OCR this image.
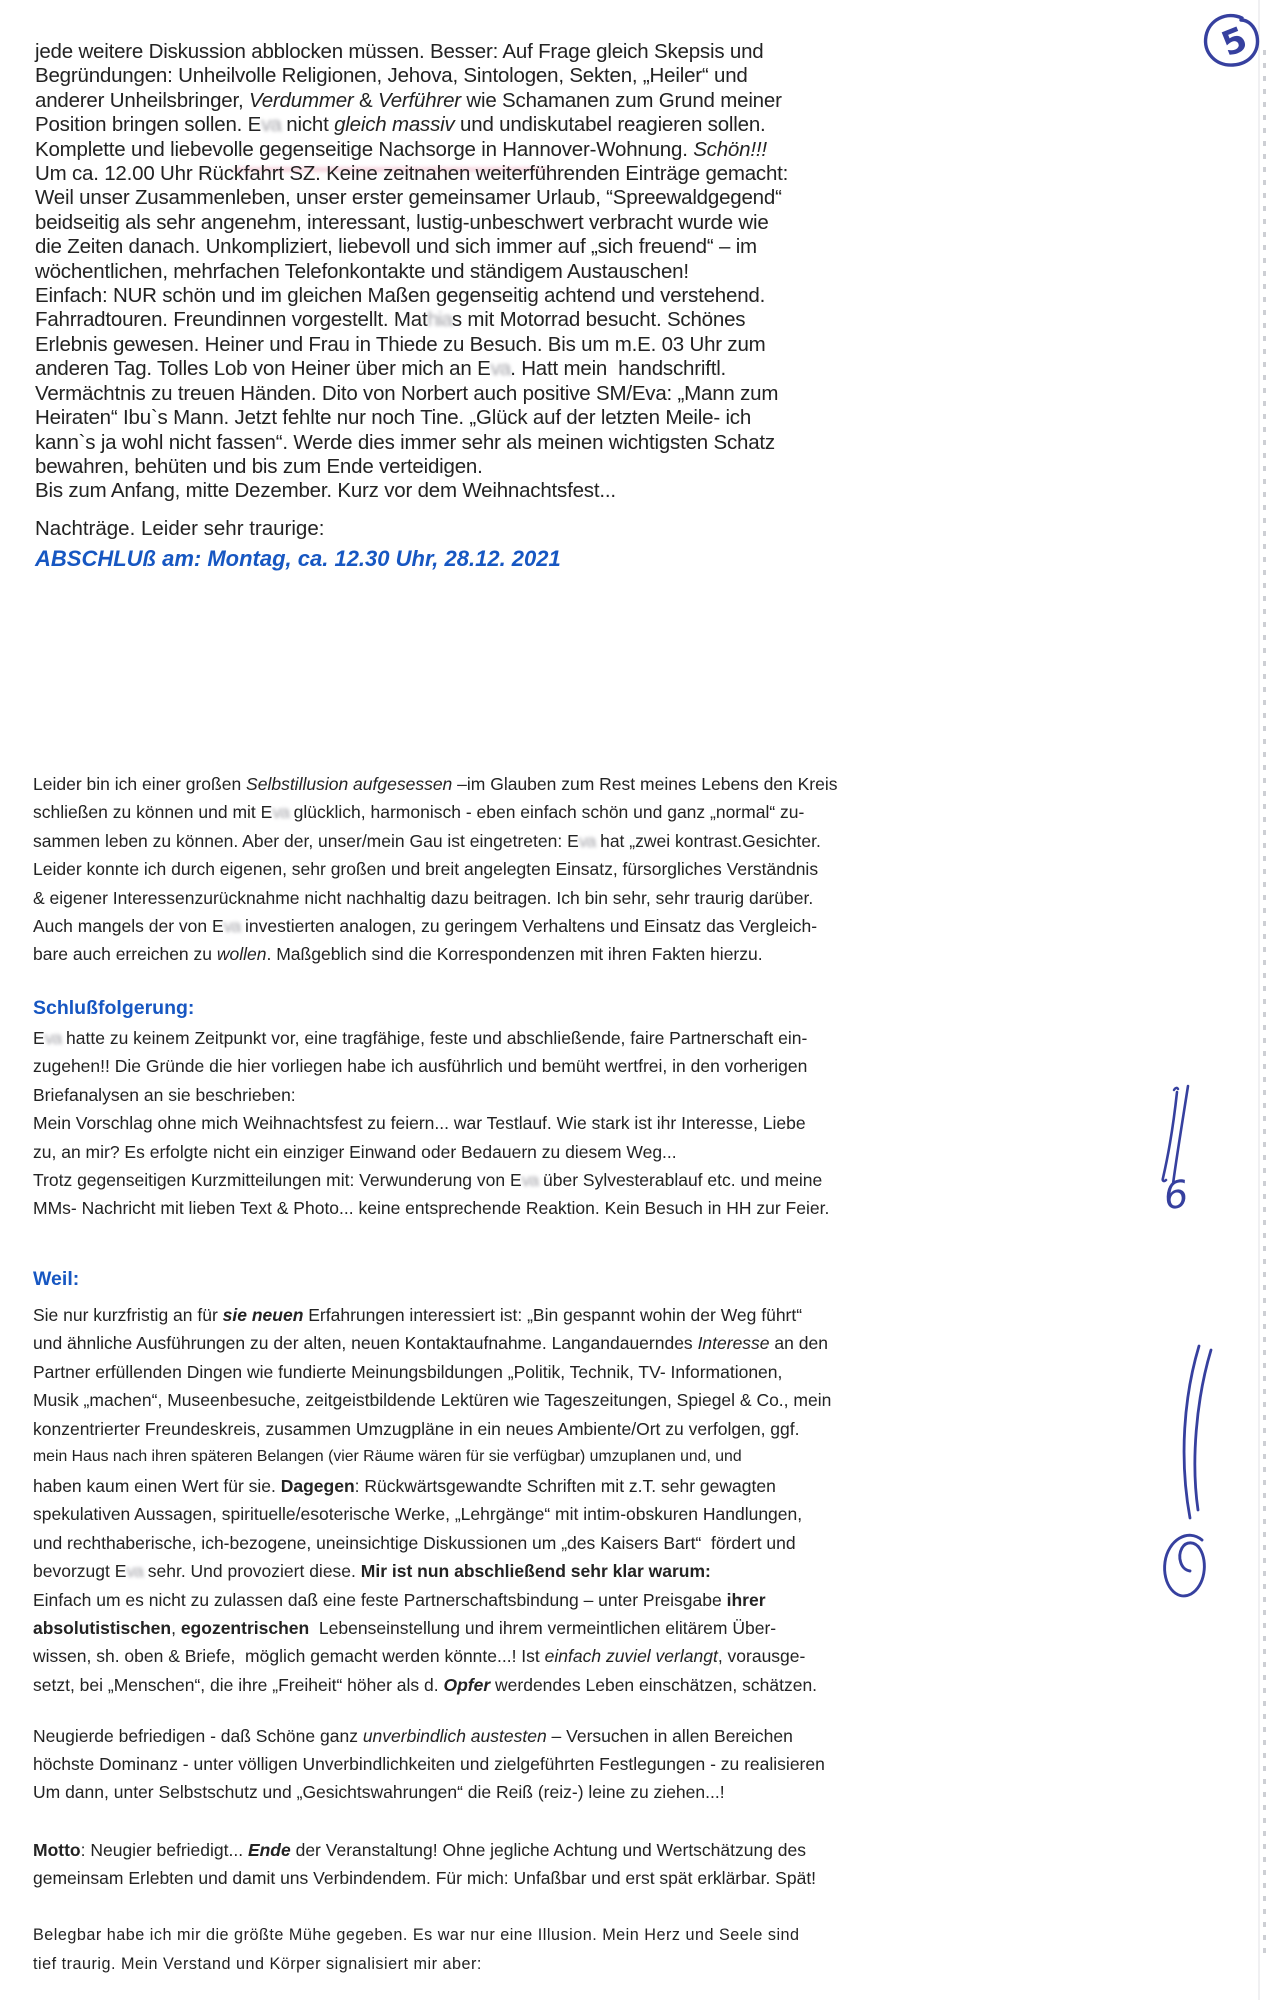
jede weitere Diskussion abblocken müssen. Besser: Auf Frage gleich Skepsis und
Begründungen: Unheilvolle Religionen, Jehova, Sintologen, Sekten, „Heiler“ und
anderer Unheilsbringer, Verdummer & Verführer wie Schamanen zum Grund meiner
Position bringen sollen. Eva nicht gleich massiv und undiskutabel reagieren sollen.
Komplette und liebevolle gegenseitige Nachsorge in Hannover-Wohnung. Schön!!!
Um ca. 12.00 Uhr Rückfahrt SZ. Keine zeitnahen weiterführenden Einträge gemacht:
Weil unser Zusammenleben, unser erster gemeinsamer Urlaub, “Spreewaldgegend“
beidseitig als sehr angenehm, interessant, lustig-unbeschwert verbracht wurde wie
die Zeiten danach. Unkompliziert, liebevoll und sich immer auf „sich freuend“ – im
wöchentlichen, mehrfachen Telefonkontakte und ständigem Austauschen!
Einfach: NUR schön und im gleichen Maßen gegenseitig achtend und verstehend.
Fahrradtouren. Freundinnen vorgestellt. Mathias mit Motorrad besucht. Schönes
Erlebnis gewesen. Heiner und Frau in Thiede zu Besuch. Bis um m.E. 03 Uhr zum
anderen Tag. Tolles Lob von Heiner über mich an Eva. Hatt mein  handschriftl.
Vermächtnis zu treuen Händen. Dito von Norbert auch positive SM/Eva: „Mann zum
Heiraten“ Ibu`s Mann. Jetzt fehlte nur noch Tine. „Glück auf der letzten Meile- ich
kann`s ja wohl nicht fassen“. Werde dies immer sehr als meinen wichtigsten Schatz
bewahren, behüten und bis zum Ende verteidigen.
Bis zum Anfang, mitte Dezember. Kurz vor dem Weihnachtsfest...
Nachträge. Leider sehr traurige:
ABSCHLUß am: Montag, ca. 12.30 Uhr, 28.12. 2021
Leider bin ich einer großen Selbstillusion aufgesessen –im Glauben zum Rest meines Lebens den Kreis
schließen zu können und mit Eva glücklich, harmonisch - eben einfach schön und ganz „normal“ zu-
sammen leben zu können. Aber der, unser/mein Gau ist eingetreten: Eva hat „zwei kontrast.Gesichter.
Leider konnte ich durch eigenen, sehr großen und breit angelegten Einsatz, fürsorgliches Verständnis
& eigener Interessenzurücknahme nicht nachhaltig dazu beitragen. Ich bin sehr, sehr traurig darüber.
Auch mangels der von Eva investierten analogen, zu geringem Verhaltens und Einsatz das Vergleich-
bare auch erreichen zu wollen. Maßgeblich sind die Korrespondenzen mit ihren Fakten hierzu.
Schlußfolgerung:
Eva hatte zu keinem Zeitpunkt vor, eine tragfähige, feste und abschließende, faire Partnerschaft ein-
zugehen!! Die Gründe die hier vorliegen habe ich ausführlich und bemüht wertfrei, in den vorherigen
Briefanalysen an sie beschrieben:
Mein Vorschlag ohne mich Weihnachtsfest zu feiern... war Testlauf. Wie stark ist ihr Interesse, Liebe
zu, an mir? Es erfolgte nicht ein einziger Einwand oder Bedauern zu diesem Weg...
Trotz gegenseitigen Kurzmitteilungen mit: Verwunderung von Eva über Sylvesterablauf etc. und meine
MMs- Nachricht mit lieben Text & Photo... keine entsprechende Reaktion. Kein Besuch in HH zur Feier.
Weil:
Sie nur kurzfristig an für sie neuen Erfahrungen interessiert ist: „Bin gespannt wohin der Weg führt“
und ähnliche Ausführungen zu der alten, neuen Kontaktaufnahme. Langandauerndes Interesse an den
Partner erfüllenden Dingen wie fundierte Meinungsbildungen „Politik, Technik, TV- Informationen,
Musik „machen“, Museenbesuche, zeitgeistbildende Lektüren wie Tageszeitungen, Spiegel & Co., mein
konzentrierter Freundeskreis, zusammen Umzugpläne in ein neues Ambiente/Ort zu verfolgen, ggf.
mein Haus nach ihren späteren Belangen (vier Räume wären für sie verfügbar) umzuplanen und, und
haben kaum einen Wert für sie. Dagegen: Rückwärtsgewandte Schriften mit z.T. sehr gewagten
spekulativen Aussagen, spirituelle/esoterische Werke, „Lehrgänge“ mit intim-obskuren Handlungen,
und rechthaberische, ich-bezogene, uneinsichtige Diskussionen um „des Kaisers Bart“  fördert und
bevorzugt Eva sehr. Und provoziert diese. Mir ist nun abschließend sehr klar warum:
Einfach um es nicht zu zulassen daß eine feste Partnerschaftsbindung – unter Preisgabe ihrer
absolutistischen, egozentrischen  Lebenseinstellung und ihrem vermeintlichen elitärem Über-
wissen, sh. oben & Briefe,  möglich gemacht werden könnte...! Ist einfach zuviel verlangt, vorausge-
setzt, bei „Menschen“, die ihre „Freiheit“ höher als d. Opfer werdendes Leben einschätzen, schätzen.
Neugierde befriedigen - daß Schöne ganz unverbindlich austesten – Versuchen in allen Bereichen
höchste Dominanz - unter völligen Unverbindlichkeiten und zielgeführten Festlegungen - zu realisieren
Um dann, unter Selbstschutz und „Gesichtswahrungen“ die Reiß (reiz-) leine zu ziehen...!
Motto: Neugier befriedigt... Ende der Veranstaltung! Ohne jegliche Achtung und Wertschätzung des
gemeinsam Erlebten und damit uns Verbindendem. Für mich: Unfaßbar und erst spät erklärbar. Spät!
Belegbar habe ich mir die größte Mühe gegeben. Es war nur eine Illusion. Mein Herz und Seele sind
tief traurig. Mein Verstand und Körper signalisiert mir aber:
5
6
